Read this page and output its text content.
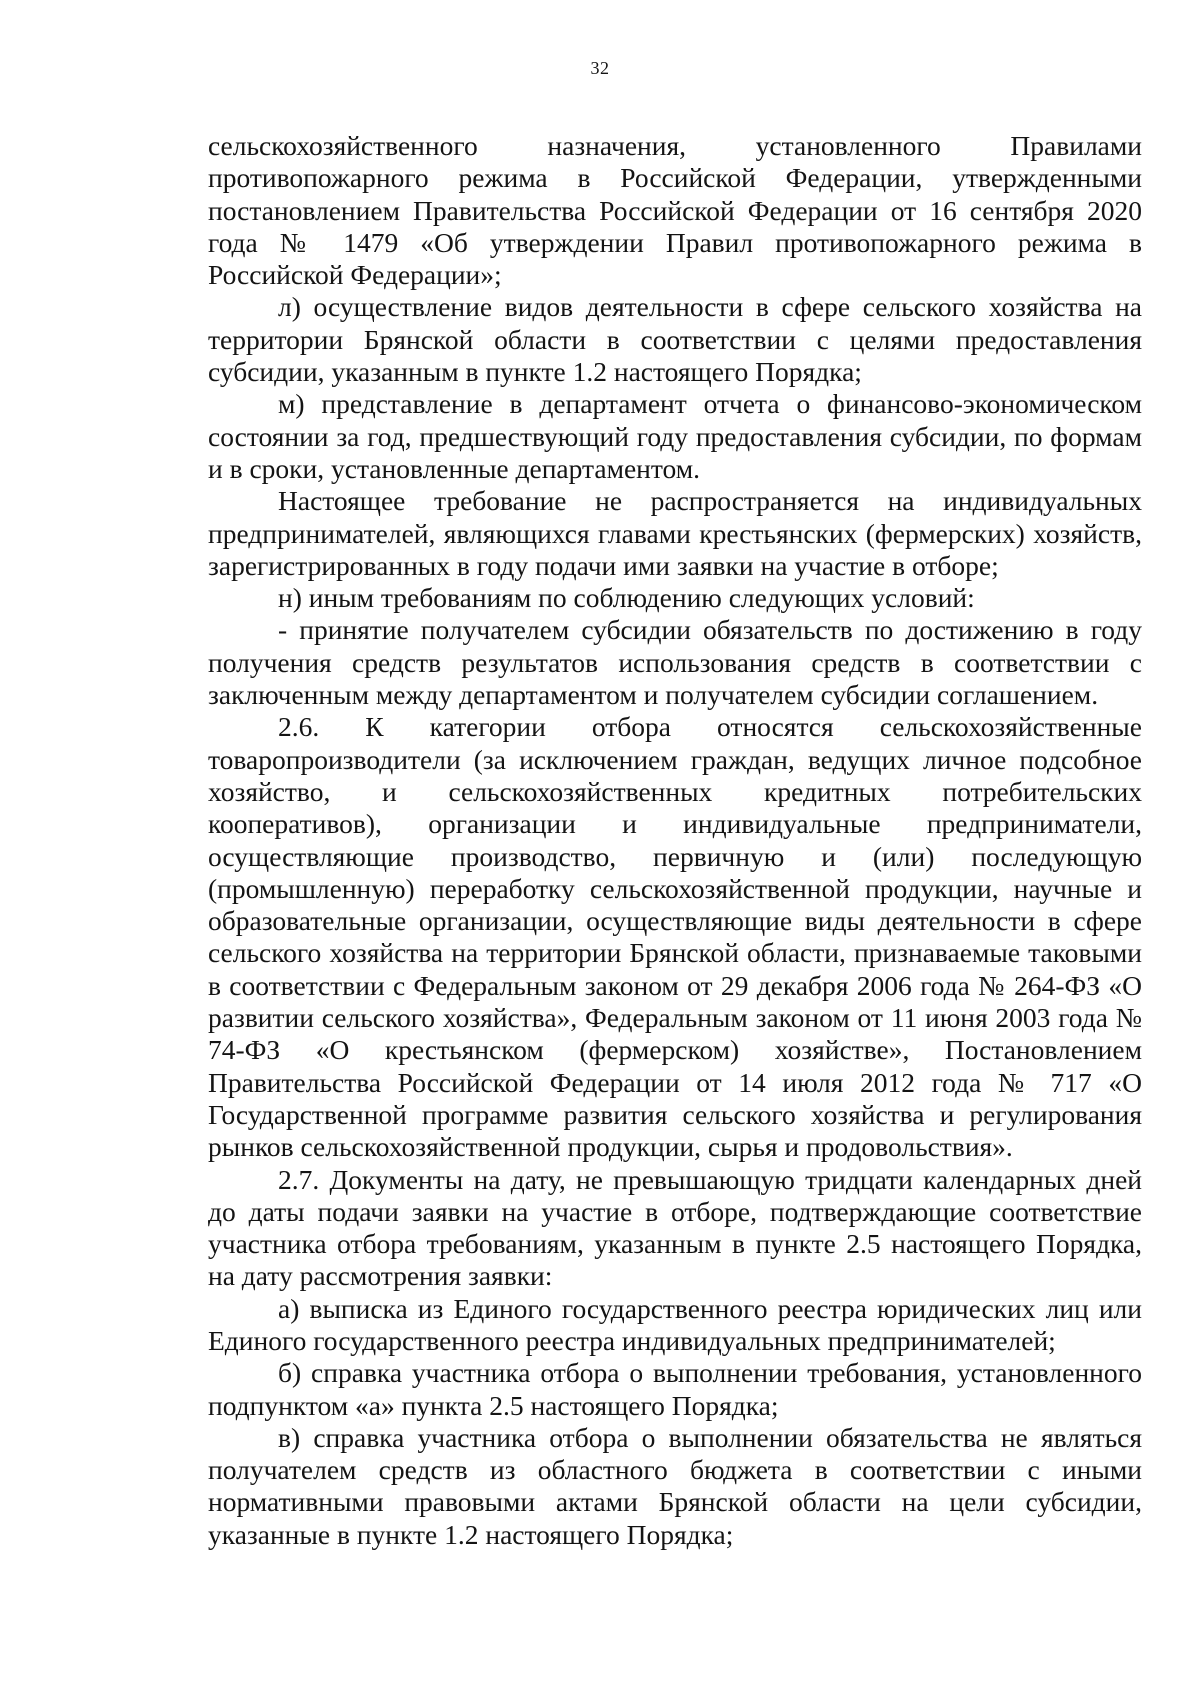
32

сельскохозяйственного назначения, установленного Правилами противопожарного режима в Российской Федерации, утвержденными постановлением Правительства Российской Федерации от 16 сентября 2020 года № 1479 «Об утверждении Правил противопожарного режима в Российской Федерации»;

л) осуществление видов деятельности в сфере сельского хозяйства на территории Брянской области в соответствии с целями предоставления субсидии, указанным в пункте 1.2 настоящего Порядка;

м) представление в департамент отчета о финансово-экономическом состоянии за год, предшествующий году предоставления субсидии, по формам и в сроки, установленные департаментом.

Настоящее требование не распространяется на индивидуальных предпринимателей, являющихся главами крестьянских (фермерских) хозяйств, зарегистрированных в году подачи ими заявки на участие в отборе;

н) иным требованиям по соблюдению следующих условий:

- принятие получателем субсидии обязательств по достижению в году получения средств результатов использования средств в соответствии с заключенным между департаментом и получателем субсидии соглашением.

2.6. К категории отбора относятся сельскохозяйственные товаропроизводители (за исключением граждан, ведущих личное подсобное хозяйство, и сельскохозяйственных кредитных потребительских кооперативов), организации и индивидуальные предприниматели, осуществляющие производство, первичную и (или) последующую (промышленную) переработку сельскохозяйственной продукции, научные и образовательные организации, осуществляющие виды деятельности в сфере сельского хозяйства на территории Брянской области, признаваемые таковыми в соответствии с Федеральным законом от 29 декабря 2006 года № 264-ФЗ «О развитии сельского хозяйства», Федеральным законом от 11 июня 2003 года № 74-ФЗ «О крестьянском (фермерском) хозяйстве», Постановлением Правительства Российской Федерации от 14 июля 2012 года № 717 «О Государственной программе развития сельского хозяйства и регулирования рынков сельскохозяйственной продукции, сырья и продовольствия».

2.7. Документы на дату, не превышающую тридцати календарных дней до даты подачи заявки на участие в отборе, подтверждающие соответствие участника отбора требованиям, указанным в пункте 2.5 настоящего Порядка, на дату рассмотрения заявки:

а) выписка из Единого государственного реестра юридических лиц или Единого государственного реестра индивидуальных предпринимателей;

б) справка участника отбора о выполнении требования, установленного подпунктом «а» пункта 2.5 настоящего Порядка;

в) справка участника отбора о выполнении обязательства не являться получателем средств из областного бюджета в соответствии с иными нормативными правовыми актами Брянской области на цели субсидии, указанные в пункте 1.2 настоящего Порядка;
